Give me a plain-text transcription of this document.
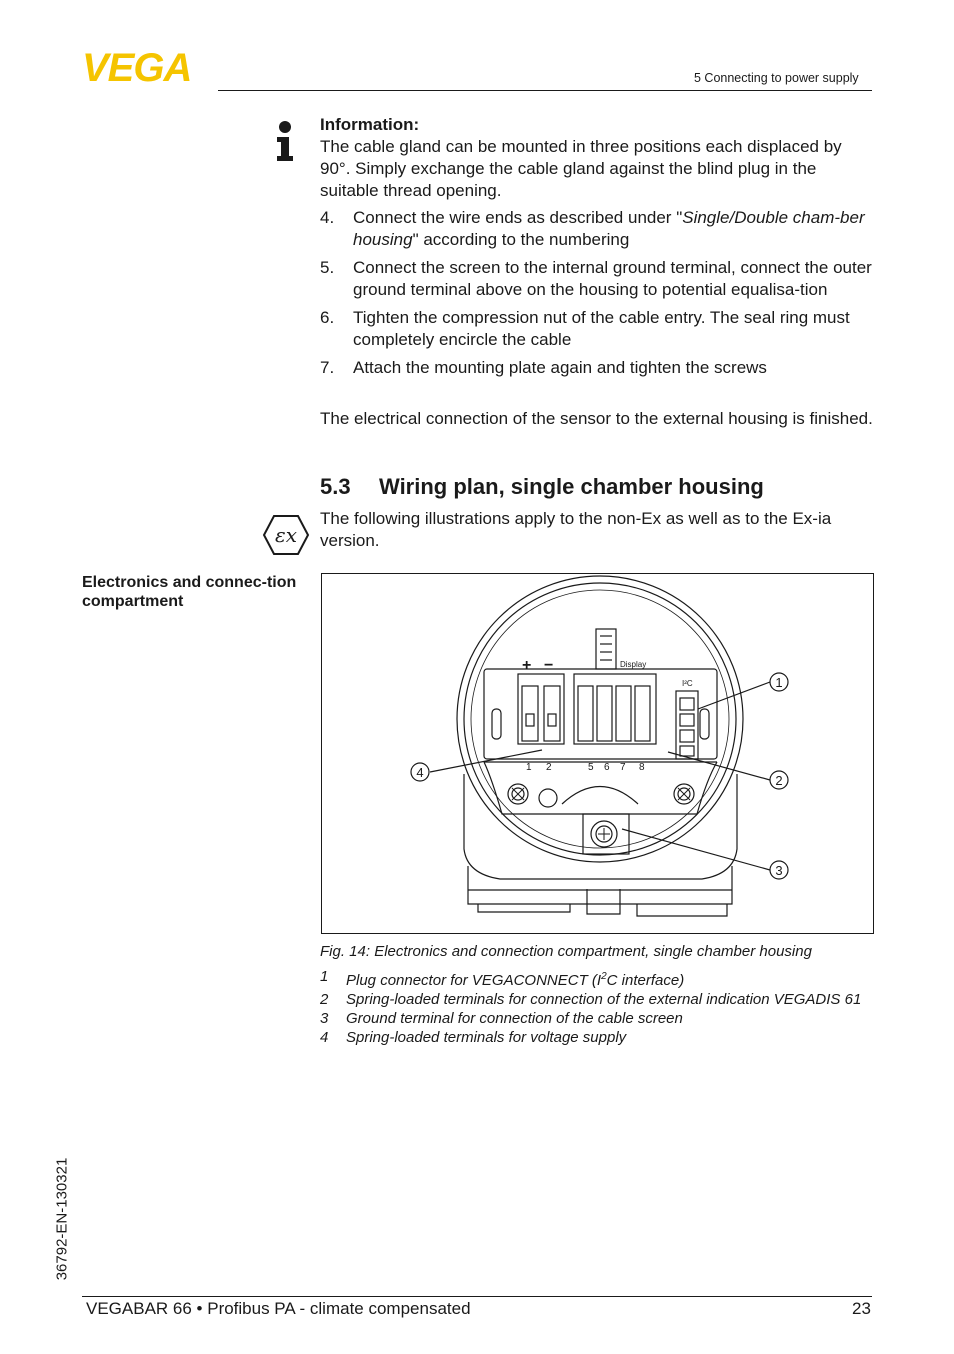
VEGA	5 Connecting to power supply
Information:
The cable gland can be mounted in three positions each displaced by 90°. Simply exchange the cable gland against the blind plug in the suitable thread opening.
4.	Connect the wire ends as described under "Single/Double cham-ber housing" according to the numbering
5.	Connect the screen to the internal ground terminal, connect the outer ground terminal above on the housing to potential equalisa-tion
6.	Tighten the compression nut of the cable entry. The seal ring must completely encircle the cable
7.	Attach the mounting plate again and tighten the screws
The electrical connection of the sensor to the external housing is finished.
5.3 Wiring plan, single chamber housing
εx
The following illustrations apply to the non-Ex as well as to the Ex-ia version.
Electronics and connec-tion compartment
+ −	Display
I²C
1 2	5 6 7 8
1
2
3
4
Fig. 14: Electronics and connection compartment, single chamber housing
1	Plug connector for VEGACONNECT ($I^2C$ interface)
2	Spring-loaded terminals for connection of the external indication VEGADIS 61
3	Ground terminal for connection of the cable screen
4	Spring-loaded terminals for voltage supply
36792-EN-130321
VEGABAR 66 • Profibus PA - climate compensated	23
